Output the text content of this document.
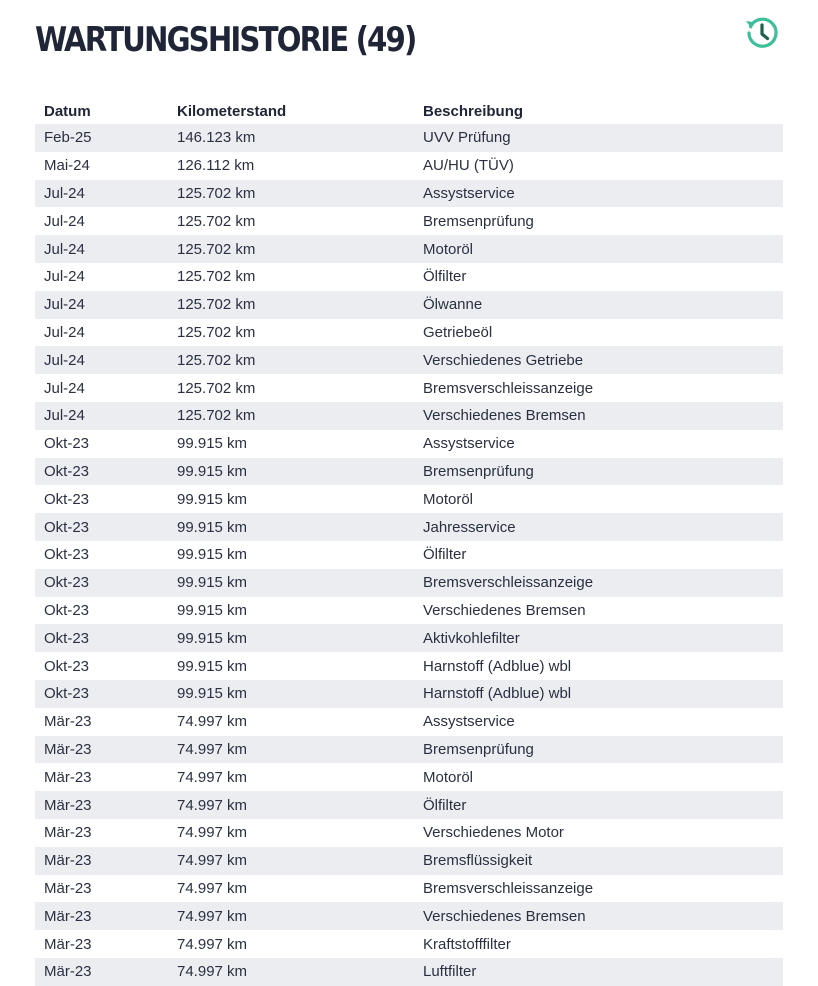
WARTUNGSHISTORIE (49)
Datum	Kilometerstand	Beschreibung
Feb-25	146.123 km	UVV Prüfung
Mai-24	126.112 km	AU/HU (TÜV)
Jul-24	125.702 km	Assystservice
Jul-24	125.702 km	Bremsenprüfung
Jul-24	125.702 km	Motoröl
Jul-24	125.702 km	Ölfilter
Jul-24	125.702 km	Ölwanne
Jul-24	125.702 km	Getriebeöl
Jul-24	125.702 km	Verschiedenes Getriebe
Jul-24	125.702 km	Bremsverschleissanzeige
Jul-24	125.702 km	Verschiedenes Bremsen
Okt-23	99.915 km	Assystservice
Okt-23	99.915 km	Bremsenprüfung
Okt-23	99.915 km	Motoröl
Okt-23	99.915 km	Jahresservice
Okt-23	99.915 km	Ölfilter
Okt-23	99.915 km	Bremsverschleissanzeige
Okt-23	99.915 km	Verschiedenes Bremsen
Okt-23	99.915 km	Aktivkohlefilter
Okt-23	99.915 km	Harnstoff (Adblue) wbl
Okt-23	99.915 km	Harnstoff (Adblue) wbl
Mär-23	74.997 km	Assystservice
Mär-23	74.997 km	Bremsenprüfung
Mär-23	74.997 km	Motoröl
Mär-23	74.997 km	Ölfilter
Mär-23	74.997 km	Verschiedenes Motor
Mär-23	74.997 km	Bremsflüssigkeit
Mär-23	74.997 km	Bremsverschleissanzeige
Mär-23	74.997 km	Verschiedenes Bremsen
Mär-23	74.997 km	Kraftstofffilter
Mär-23	74.997 km	Luftfilter
